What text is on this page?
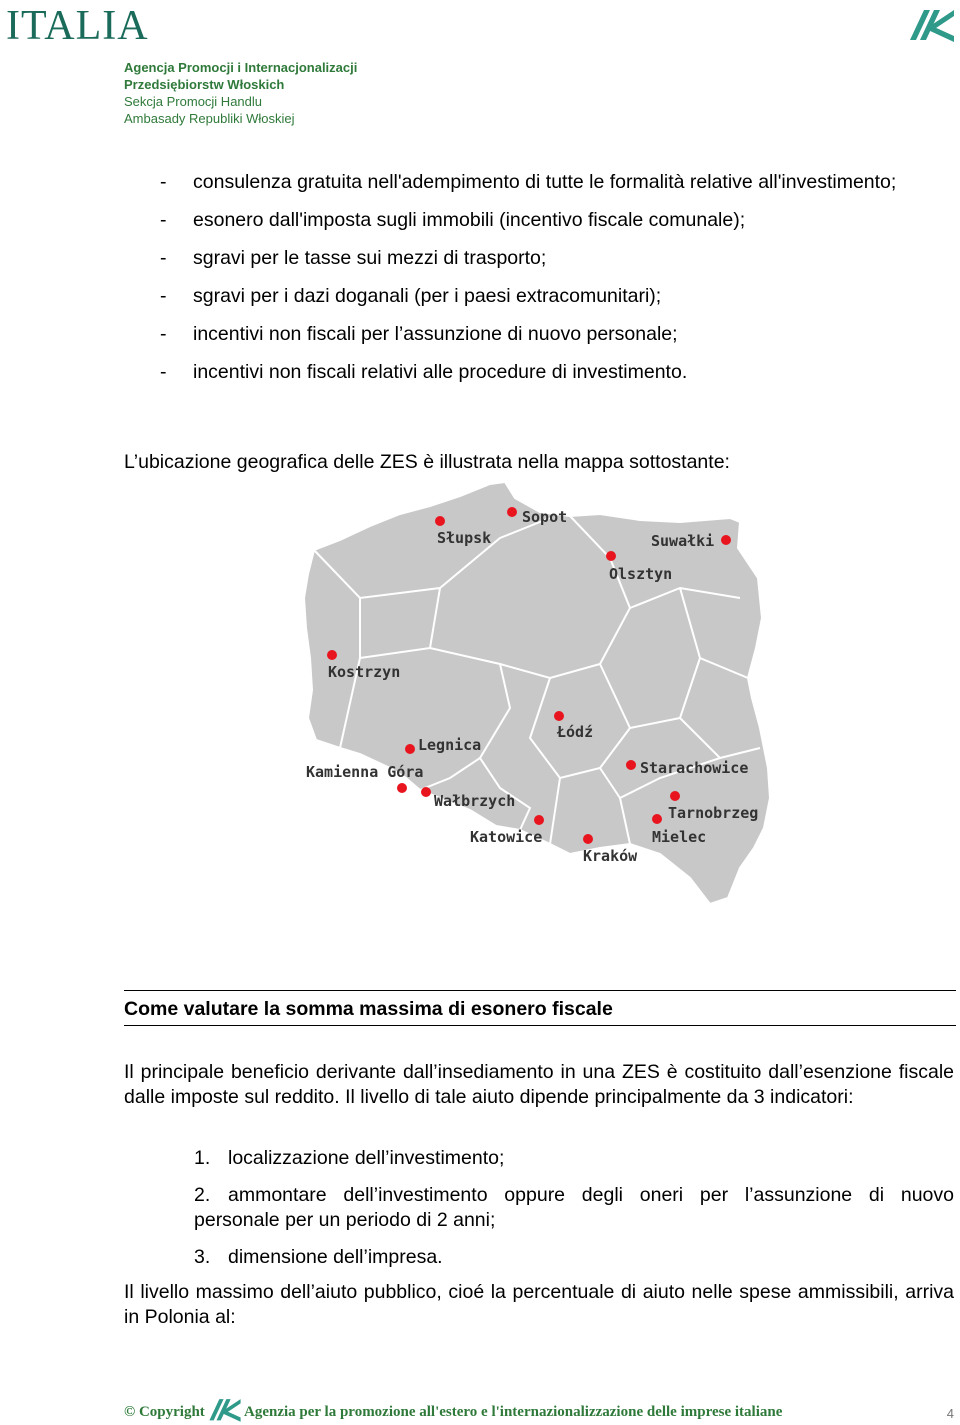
ITALIA
Agencja Promocji i Internacjonalizacji
Przedsiębiorstw Włoskich
Sekcja Promocji Handlu
Ambasady Republiki Włoskiej
- consulenza gratuita nell'adempimento di tutte le formalità relative all'investimento;
- esonero dall'imposta sugli immobili (incentivo fiscale comunale);
- sgravi per le tasse sui mezzi di trasporto;
- sgravi per i dazi doganali (per i paesi extracomunitari);
- incentivi non fiscali per l’assunzione di nuovo personale;
- incentivi non fiscali relativi alle procedure di investimento.
L’ubicazione geografica delle ZES è illustrata nella mappa sottostante:
Słupsk
Sopot
Suwałki
Olsztyn
Kostrzyn
Łódź
Legnica
Kamienna Góra	Starachowice
Wałbrzych
Tarnobrzeg
Katowice	Mielec
Kraków
Come valutare la somma massima di esonero fiscale
Il principale beneficio derivante dall’insediamento in una ZES è costituito dall’esenzione fiscale dalle imposte sul reddito. Il livello di tale aiuto dipende principalmente da 3 indicatori:
1. localizzazione dell’investimento;
2. ammontare dell’investimento oppure degli oneri per l’assunzione di nuovo personale per un periodo di 2 anni;
3. dimensione dell’impresa.
Il livello massimo dell’aiuto pubblico, cioé la percentuale di aiuto nelle spese ammissibili, arriva in Polonia al:
© Copyright	Agenzia per la promozione all'estero e l'internazionalizzazione delle imprese italiane	4
